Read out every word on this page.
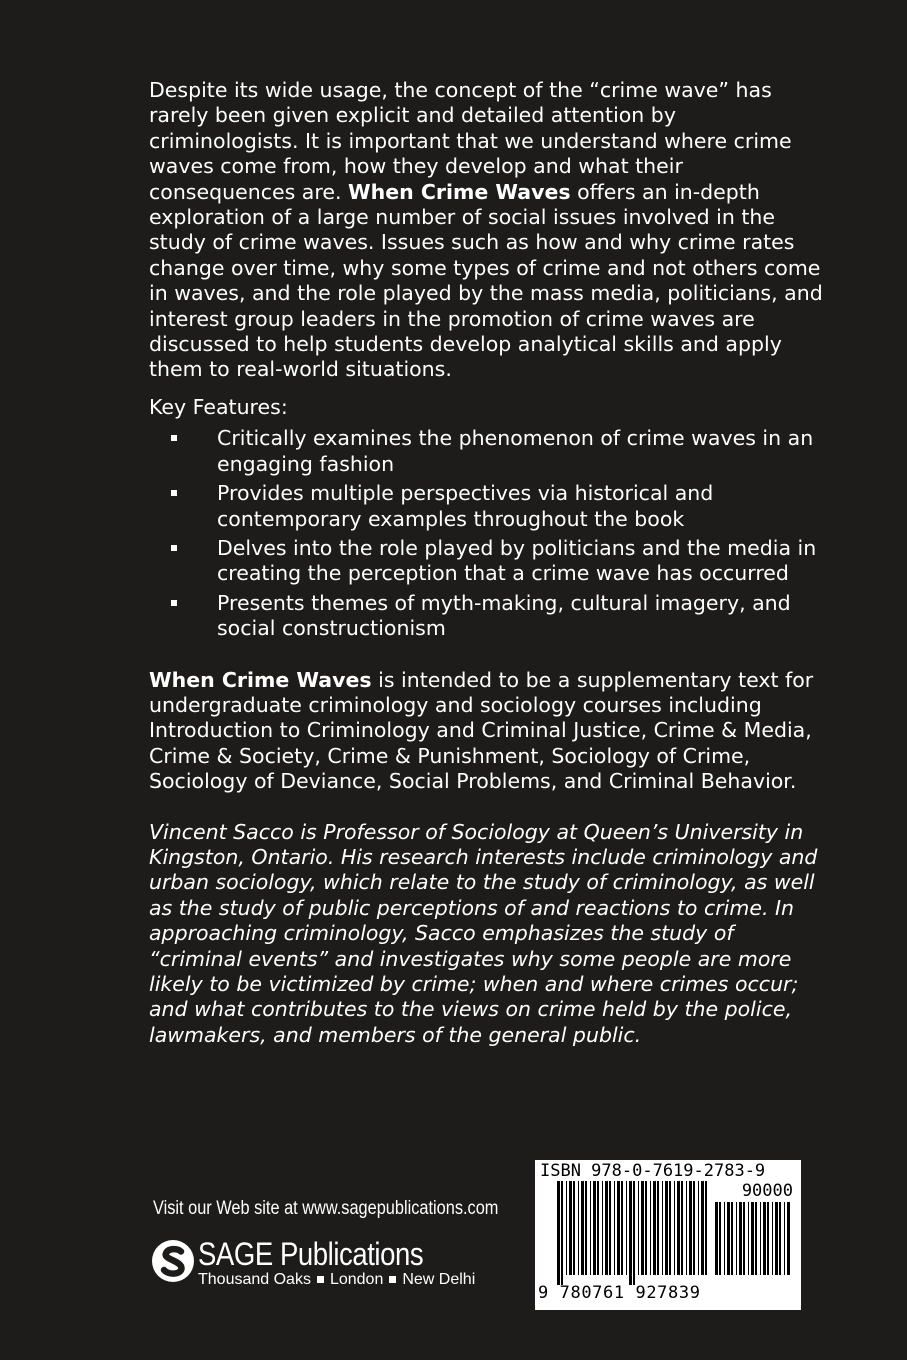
Despite its wide usage, the concept of the “crime wave” has rarely been given explicit and detailed attention by criminologists. It is important that we understand where crime waves come from, how they develop and what their consequences are. When Crime Waves offers an in-depth exploration of a large number of social issues involved in the study of crime waves. Issues such as how and why crime rates change over time, why some types of crime and not others come in waves, and the role played by the mass media, politicians, and interest group leaders in the promotion of crime waves are discussed to help students develop analytical skills and apply them to real-world situations.

Key Features:

Critically examines the phenomenon of crime waves in an engaging fashion
Provides multiple perspectives via historical and contemporary examples throughout the book
Delves into the role played by politicians and the media in creating the perception that a crime wave has occurred
Presents themes of myth-making, cultural imagery, and social constructionism

When Crime Waves is intended to be a supplementary text for undergraduate criminology and sociology courses including Introduction to Criminology and Criminal Justice, Crime & Media, Crime & Society, Crime & Punishment, Sociology of Crime, Sociology of Deviance, Social Problems, and Criminal Behavior.

Vincent Sacco is Professor of Sociology at Queen’s University in Kingston, Ontario. His research interests include criminology and urban sociology, which relate to the study of criminology, as well as the study of public perceptions of and reactions to crime. In approaching criminology, Sacco emphasizes the study of “criminal events” and investigates why some people are more likely to be victimized by crime; when and where crimes occur; and what contributes to the views on crime held by the police, lawmakers, and members of the general public.

Visit our Web site at www.sagepublications.com
SAGE Publications
Thousand Oaks London New Delhi
ISBN 978-0-7619-2783-9
90000
9 780761 927839
